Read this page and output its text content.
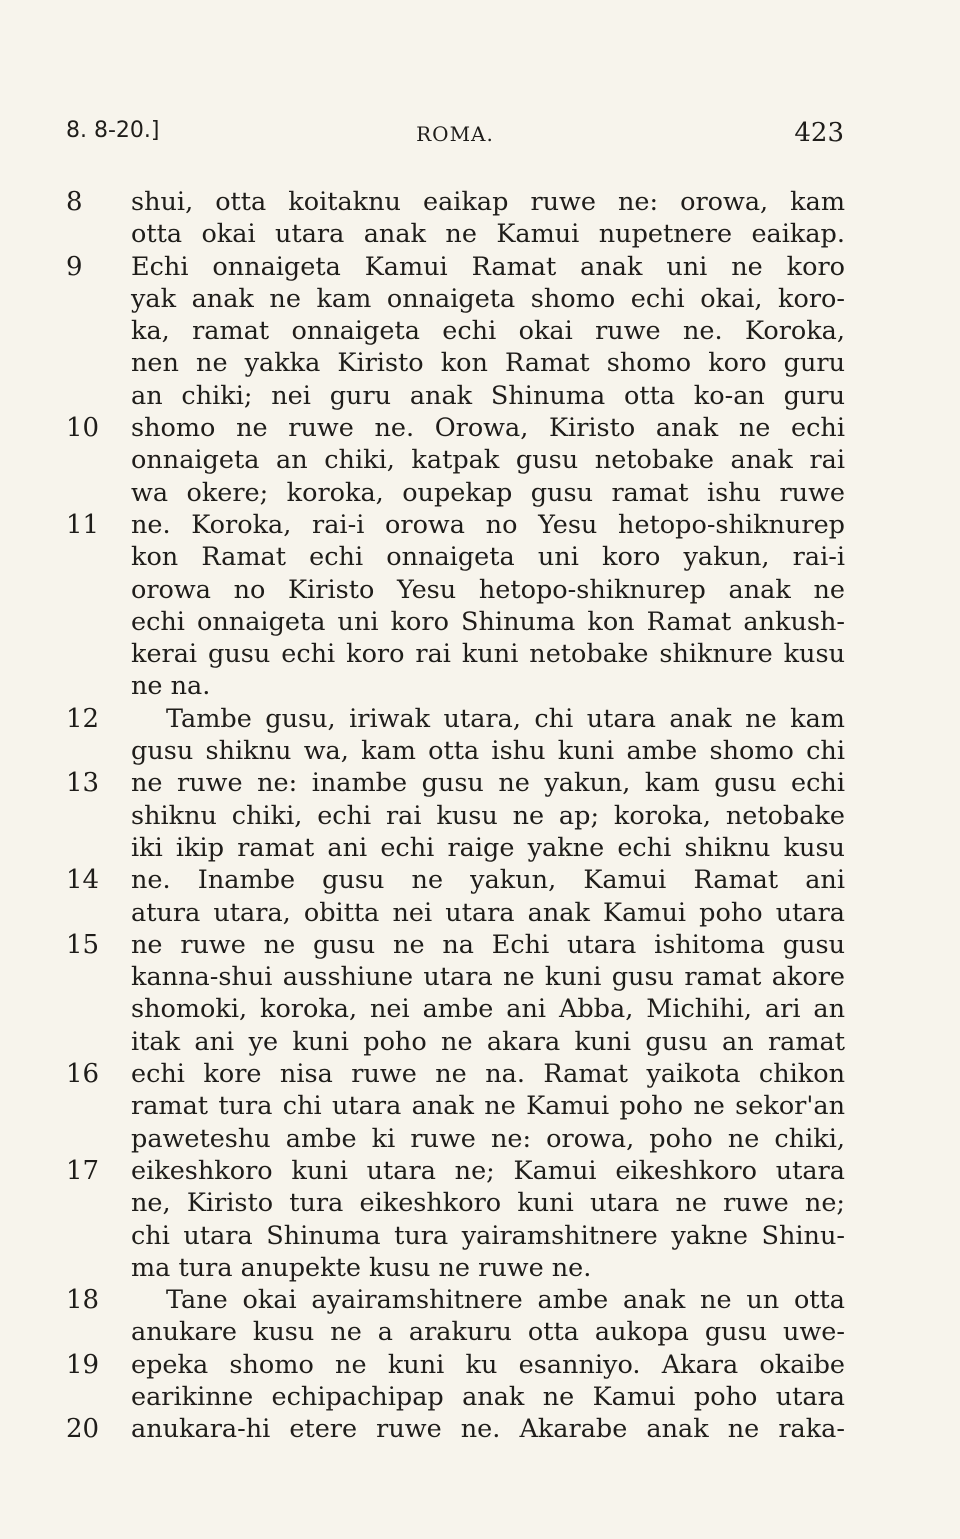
8. 8-20.]	ROMA.	423
8	shui, otta koitaknu eaikap ruwe ne: orowa, kam
otta okai utara anak ne Kamui nupetnere eaikap.
9	Echi onnaigeta Kamui Ramat anak uni ne koro
yak anak ne kam onnaigeta shomo echi okai, koro-
ka, ramat onnaigeta echi okai ruwe ne. Koroka,
nen ne yakka Kiristo kon Ramat shomo koro guru
an chiki; nei guru anak Shinuma otta ko-an guru
10	shomo ne ruwe ne. Orowa, Kiristo anak ne echi
onnaigeta an chiki, katpak gusu netobake anak rai
wa okere; koroka, oupekap gusu ramat ishu ruwe
11	ne. Koroka, rai-i orowa no Yesu hetopo-shiknurep
kon Ramat echi onnaigeta uni koro yakun, rai-i
orowa no Kiristo Yesu hetopo-shiknurep anak ne
echi onnaigeta uni koro Shinuma kon Ramat ankush-
kerai gusu echi koro rai kuni netobake shiknure kusu
ne na.
12	Tambe gusu, iriwak utara, chi utara anak ne kam
gusu shiknu wa, kam otta ishu kuni ambe shomo chi
13	ne ruwe ne: inambe gusu ne yakun, kam gusu echi
shiknu chiki, echi rai kusu ne ap; koroka, netobake
iki ikip ramat ani echi raige yakne echi shiknu kusu
14	ne. Inambe gusu ne yakun, Kamui Ramat ani
atura utara, obitta nei utara anak Kamui poho utara
15	ne ruwe ne gusu ne na Echi utara ishitoma gusu
kanna-shui ausshiune utara ne kuni gusu ramat akore
shomoki, koroka, nei ambe ani Abba, Michihi, ari an
itak ani ye kuni poho ne akara kuni gusu an ramat
16	echi kore nisa ruwe ne na. Ramat yaikota chikon
ramat tura chi utara anak ne Kamui poho ne sekor'an
paweteshu ambe ki ruwe ne: orowa, poho ne chiki,
17	eikeshkoro kuni utara ne; Kamui eikeshkoro utara
ne, Kiristo tura eikeshkoro kuni utara ne ruwe ne;
chi utara Shinuma tura yairamshitnere yakne Shinu-
ma tura anupekte kusu ne ruwe ne.
18	Tane okai ayairamshitnere ambe anak ne un otta
anukare kusu ne a arakuru otta aukopa gusu uwe-
19	epeka shomo ne kuni ku esanniyo. Akara okaibe
earikinne echipachipap anak ne Kamui poho utara
20	anukara-hi etere ruwe ne. Akarabe anak ne raka-
